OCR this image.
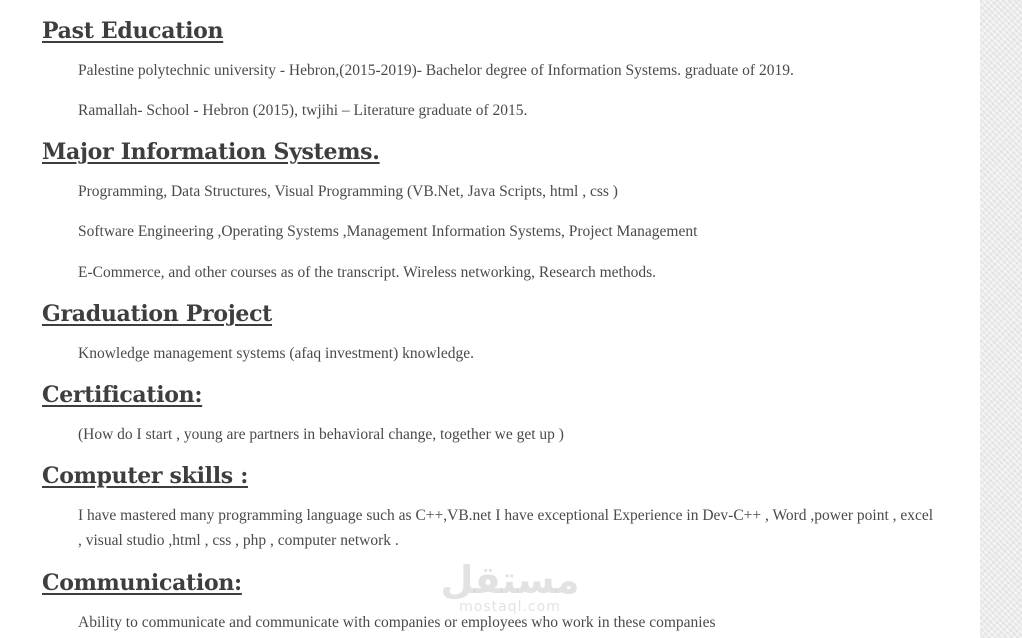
Past Education

Palestine polytechnic university - Hebron,(2015-2019)- Bachelor degree of Information Systems. graduate of 2019.

Ramallah- School - Hebron (2015), twjihi – Literature graduate of 2015.

Major Information Systems.

Programming, Data Structures, Visual Programming (VB.Net, Java Scripts, html , css )

Software Engineering ,Operating Systems ,Management Information Systems, Project Management

E-Commerce, and other courses as of the transcript. Wireless networking, Research methods.

Graduation Project

Knowledge management systems (afaq investment) knowledge.

Certification:

(How do I start , young are partners in behavioral change, together we get up )

Computer skills :

I have mastered many programming language such as C++,VB.net I have exceptional Experience in Dev-C++ , Word ,power point , excel , visual studio ,html , css , php , computer network .

Communication:

Ability to communicate and communicate with companies or employees who work in these companies

مستقل
mostaql.com
